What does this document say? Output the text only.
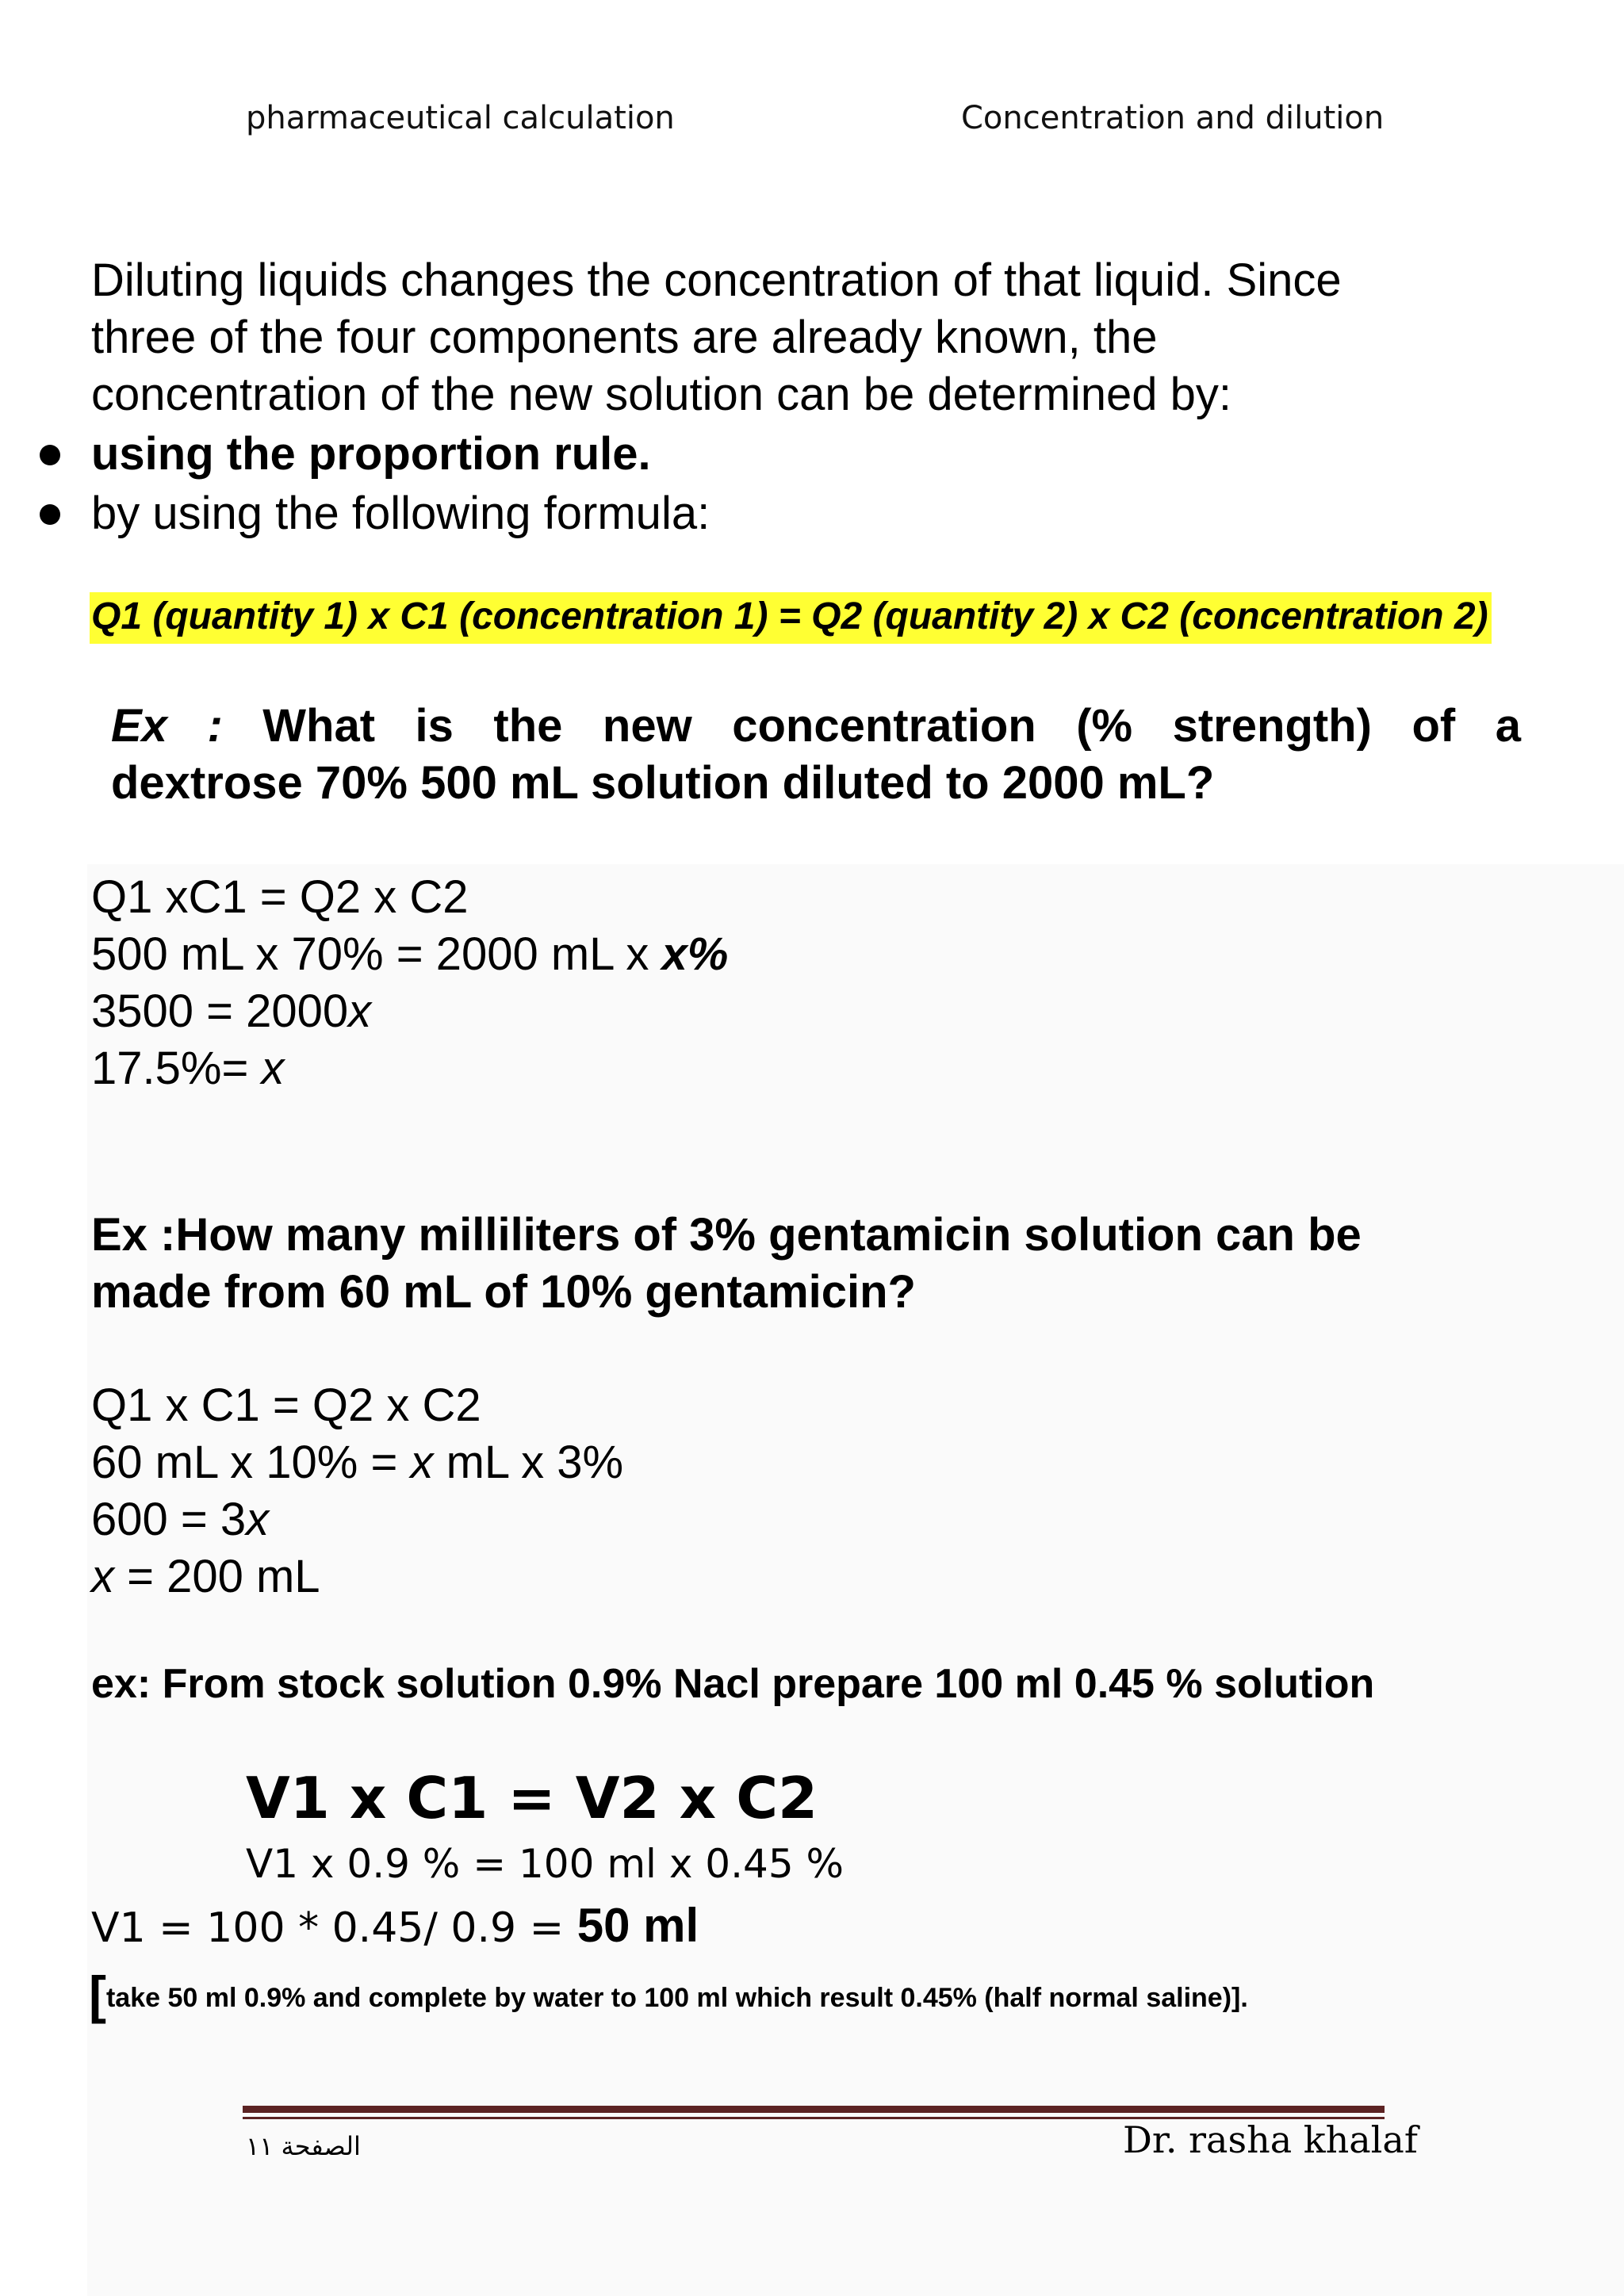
pharmaceutical calculation	Concentration and dilution
Diluting liquids changes the concentration of that liquid. Since
three of the four components are already known, the
concentration of the new solution can be determined by:
using the proportion rule.
by using the following formula:
Q1 (quantity 1) x C1 (concentration 1) = Q2 (quantity 2) x C2 (concentration 2)
Ex : What is the new concentration (% strength) of a
dextrose 70% 500 mL solution diluted to 2000 mL?
Q1 xC1 = Q2 x C2
500 mL x 70% = 2000 mL x x%
3500 = 2000x
17.5%= x
Ex :How many milliliters of 3% gentamicin solution can be
made from 60 mL of 10% gentamicin?
Q1 x C1 = Q2 x C2
60 mL x 10% = x mL x 3%
600 = 3x
x = 200 mL
ex: From stock solution 0.9% Nacl prepare 100 ml 0.45 % solution
V1 x C1 = V2 x C2
V1 x 0.9 % = 100 ml x 0.45 %
V1 = 100 * 0.45/ 0.9 = 50 ml
[take 50 ml 0.9% and complete by water to 100 ml which result 0.45% (half normal saline)].
الصفحة ١١	Dr. rasha khalaf
